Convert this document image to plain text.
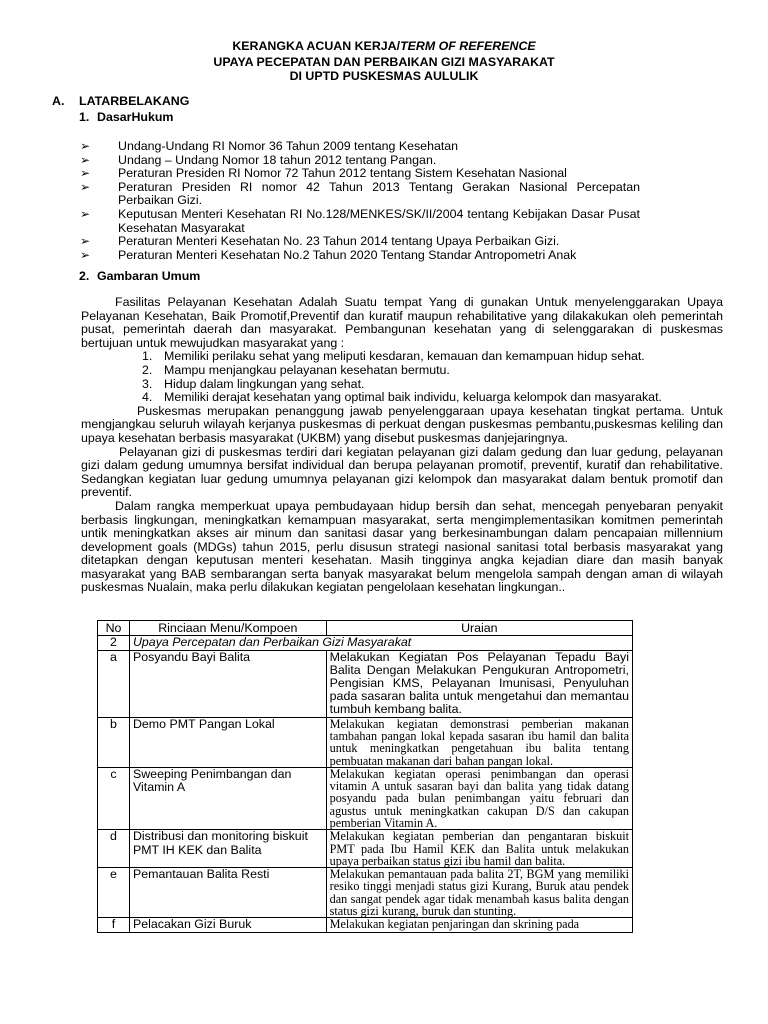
KERANGKA ACUAN KERJA/TERM OF REFERENCE
UPAYA PECEPATAN DAN PERBAIKAN GIZI MASYARAKAT
DI UPTD PUSKESMAS AULULIK
A. LATARBELAKANG
1. DasarHukum
➢ Undang-Undang RI Nomor 36 Tahun 2009 tentang Kesehatan
➢ Undang – Undang Nomor 18 tahun 2012 tentang Pangan.
➢ Peraturan Presiden RI Nomor 72 Tahun 2012 tentang Sistem Kesehatan Nasional
➢ Peraturan Presiden RI nomor 42 Tahun 2013 Tentang Gerakan Nasional Percepatan Perbaikan Gizi.
➢ Keputusan Menteri Kesehatan RI No.128/MENKES/SK/II/2004 tentang Kebijakan Dasar Pusat Kesehatan Masyarakat
➢ Peraturan Menteri Kesehatan No. 23 Tahun 2014 tentang Upaya Perbaikan Gizi.
➢ Peraturan Menteri Kesehatan No.2 Tahun 2020 Tentang Standar Antropometri Anak
2. Gambaran Umum

Fasilitas Pelayanan Kesehatan Adalah Suatu tempat Yang di gunakan Untuk menyelenggarakan Upaya Pelayanan Kesehatan, Baik Promotif,Preventif dan kuratif maupun rehabilitative yang dilakakukan oleh pemerintah pusat, pemerintah daerah dan masyarakat. Pembangunan kesehatan yang di selenggarakan di puskesmas bertujuan untuk mewujudkan masyarakat yang :

1. Memiliki perilaku sehat yang meliputi kesdaran, kemauan dan kemampuan hidup sehat.
2. Mampu menjangkau pelayanan kesehatan bermutu.
3. Hidup dalam lingkungan yang sehat.
4. Memiliki derajat kesehatan yang optimal baik individu, keluarga kelompok dan masyarakat.

Puskesmas merupakan penanggung jawab penyelenggaraan upaya kesehatan tingkat pertama. Untuk mengjangkau seluruh wilayah kerjanya puskesmas di perkuat dengan puskesmas pembantu,puskesmas keliling dan upaya kesehatan berbasis masyarakat (UKBM) yang disebut puskesmas danjejaringnya.

Pelayanan gizi di puskesmas terdiri dari kegiatan pelayanan gizi dalam gedung dan luar gedung, pelayanan gizi dalam gedung umumnya bersifat individual dan berupa pelayanan promotif, preventif, kuratif dan rehabilitative. Sedangkan kegiatan luar gedung umumnya pelayanan gizi kelompok dan masyarakat dalam bentuk promotif dan preventif.

Dalam rangka memperkuat upaya pembudayaan hidup bersih dan sehat, mencegah penyebaran penyakit berbasis lingkungan, meningkatkan kemampuan masyarakat, serta mengimplementasikan komitmen pemerintah untik meningkatkan akses air minum dan sanitasi dasar yang berkesinambungan dalam pencapaian millennium development goals (MDGs) tahun 2015, perlu disusun strategi nasional sanitasi total berbasis masyarakat yang ditetapkan dengan keputusan menteri kesehatan. Masih tingginya angka kejadian diare dan masih banyak masyarakat yang BAB sembarangan serta banyak masyarakat belum mengelola sampah dengan aman di wilayah puskesmas Nualain, maka perlu dilakukan kegiatan pengelolaan kesehatan lingkungan..

No	Rinciaan Menu/Kompoen	Uraian
2	Upaya Percepatan dan Perbaikan Gizi Masyarakat	
a	Posyandu Bayi Balita	Melakukan Kegiatan Pos Pelayanan Tepadu Bayi Balita Dengan Melakukan Pengukuran Antropometri, Pengisian KMS, Pelayanan Imunisasi, Penyuluhan pada sasaran balita untuk mengetahui dan memantau tumbuh kembang balita.
b	Demo PMT Pangan Lokal	Melakukan kegiatan demonstrasi pemberian makanan tambahan pangan lokal kepada sasaran ibu hamil dan balita untuk meningkatkan pengetahuan ibu balita tentang pembuatan makanan dari bahan pangan lokal.
c	Sweeping Penimbangan dan Vitamin A	Melakukan kegiatan operasi penimbangan dan operasi vitamin A untuk sasaran bayi dan balita yang tidak datang posyandu pada bulan penimbangan yaitu februari dan agustus untuk meningkatkan cakupan D/S dan cakupan pemberian Vitamin A.
d	Distribusi dan monitoring biskuit PMT IH KEK dan Balita	Melakukan kegiatan pemberian dan pengantaran biskuit PMT pada Ibu Hamil KEK dan Balita untuk melakukan upaya perbaikan status gizi ibu hamil dan balita.
e	Pemantauan Balita Resti	Melakukan pemantauan pada balita 2T, BGM yang memiliki resiko tinggi menjadi status gizi Kurang, Buruk atau pendek dan sangat pendek agar tidak menambah kasus balita dengan status gizi kurang, buruk dan stunting.
f	Pelacakan Gizi Buruk	Melakukan kegiatan penjaringan dan skrining pada
